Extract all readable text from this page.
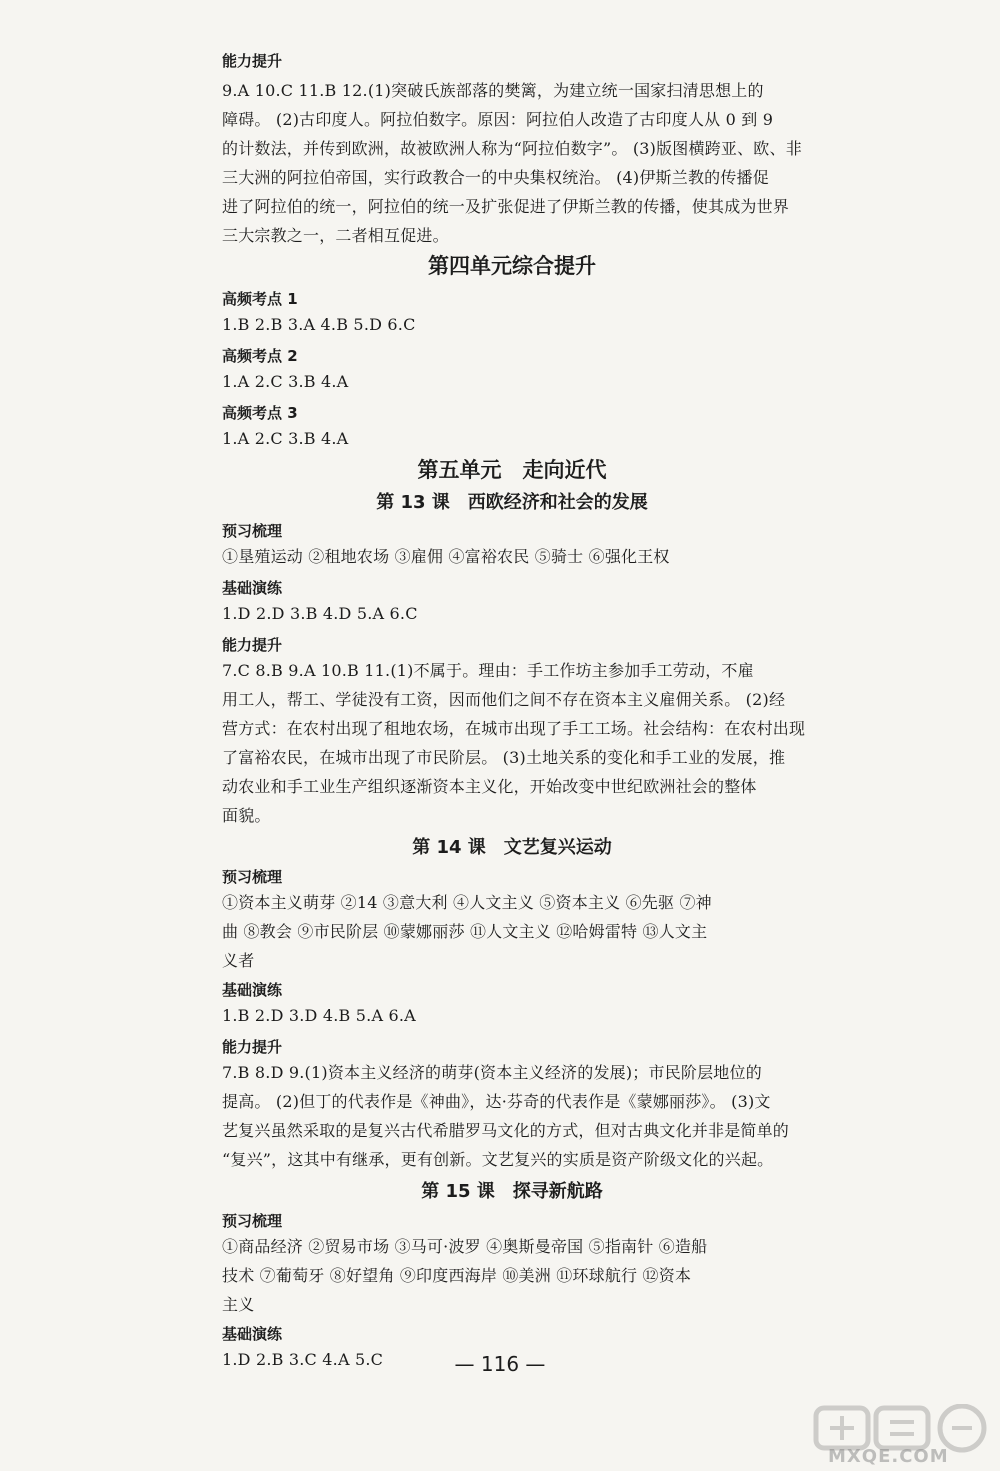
能力提升
9.A 10.C 11.B 12.(1)突破氏族部落的樊篱，为建立统一国家扫清思想上的
障碍。 (2)古印度人。阿拉伯数字。原因：阿拉伯人改造了古印度人从 0 到 9
的计数法，并传到欧洲，故被欧洲人称为“阿拉伯数字”。 (3)版图横跨亚、欧、非
三大洲的阿拉伯帝国，实行政教合一的中央集权统治。 (4)伊斯兰教的传播促
进了阿拉伯的统一，阿拉伯的统一及扩张促进了伊斯兰教的传播，使其成为世界
三大宗教之一，二者相互促进。
第四单元综合提升
高频考点 1
1.B 2.B 3.A 4.B 5.D 6.C
高频考点 2
1.A 2.C 3.B 4.A
高频考点 3
1.A 2.C 3.B 4.A
第五单元　走向近代
第 13 课　西欧经济和社会的发展
预习梳理
①垦殖运动 ②租地农场 ③雇佣 ④富裕农民 ⑤骑士 ⑥强化王权
基础演练
1.D 2.D 3.B 4.D 5.A 6.C
能力提升
7.C 8.B 9.A 10.B 11.(1)不属于。理由：手工作坊主参加手工劳动，不雇
用工人，帮工、学徒没有工资，因而他们之间不存在资本主义雇佣关系。 (2)经
营方式：在农村出现了租地农场，在城市出现了手工工场。社会结构：在农村出现
了富裕农民，在城市出现了市民阶层。 (3)土地关系的变化和手工业的发展，推
动农业和手工业生产组织逐渐资本主义化，开始改变中世纪欧洲社会的整体
面貌。
第 14 课　文艺复兴运动
预习梳理
①资本主义萌芽 ②14 ③意大利 ④人文主义 ⑤资本主义 ⑥先驱 ⑦神
曲 ⑧教会 ⑨市民阶层 ⑩蒙娜丽莎 ⑪人文主义 ⑫哈姆雷特 ⑬人文主
义者
基础演练
1.B 2.D 3.D 4.B 5.A 6.A
能力提升
7.B 8.D 9.(1)资本主义经济的萌芽(资本主义经济的发展)；市民阶层地位的
提高。 (2)但丁的代表作是《神曲》，达·芬奇的代表作是《蒙娜丽莎》。 (3)文
艺复兴虽然采取的是复兴古代希腊罗马文化的方式，但对古典文化并非是简单的
“复兴”，这其中有继承，更有创新。文艺复兴的实质是资产阶级文化的兴起。
第 15 课　探寻新航路
预习梳理
①商品经济 ②贸易市场 ③马可·波罗 ④奥斯曼帝国 ⑤指南针 ⑥造船
技术 ⑦葡萄牙 ⑧好望角 ⑨印度西海岸 ⑩美洲 ⑪环球航行 ⑫资本
主义
基础演练
1.D 2.B 3.C 4.A 5.C	— 116 —
MXQE.COM
